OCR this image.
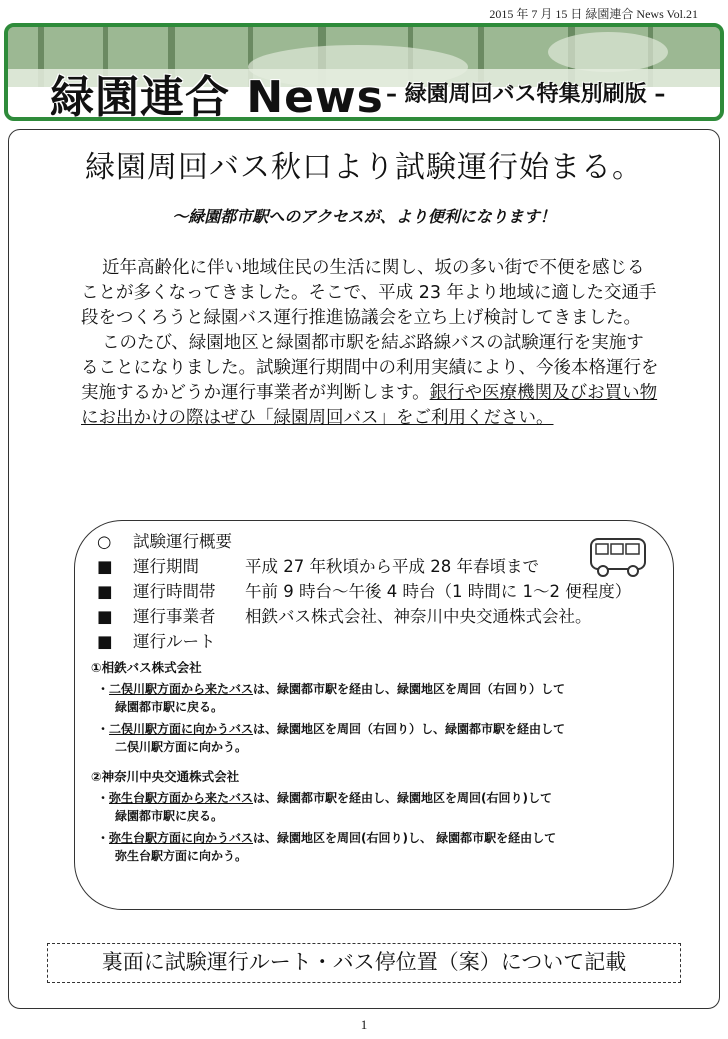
2015 年 7 月 15 日 緑園連合 News Vol.21
緑園連合 News – 緑園周回バス特集別刷版 –
緑園周回バス秋口より試験運行始まる。
～緑園都市駅へのアクセスが、より便利になります！

近年高齢化に伴い地域住民の生活に関し、坂の多い街で不便を感じることが多くなってきました。そこで、平成 23 年より地域に適した交通手段をつくろうと緑園バス運行推進協議会を立ち上げ検討してきました。

このたび、緑園地区と緑園都市駅を結ぶ路線バスの試験運行を実施することになりました。試験運行期間中の利用実績により、今後本格運行を実施するかどうか運行事業者が判断します。銀行や医療機関及びお買い物にお出かけの際はぜひ「緑園周回バス」をご利用ください。

○	試験運行概要
■	運行期間	平成 27 年秋頃から平成 28 年春頃まで
■	運行時間帯	午前 9 時台～午後 4 時台（1 時間に 1～2 便程度）
■	運行事業者	相鉄バス株式会社、神奈川中央交通株式会社。
■	運行ルート
①相鉄バス株式会社
・二俣川駅方面から来たバスは、緑園都市駅を経由し、緑園地区を周回（右回り）して
緑園都市駅に戻る。
・二俣川駅方面に向かうバスは、緑園地区を周回（右回り）し、緑園都市駅を経由して
二俣川駅方面に向かう。
②神奈川中央交通株式会社
・弥生台駅方面から来たバスは、緑園都市駅を経由し、緑園地区を周回(右回り)して
緑園都市駅に戻る。
・弥生台駅方面に向かうバスは、緑園地区を周回(右回り)し、 緑園都市駅を経由して
弥生台駅方面に向かう。
裏面に試験運行ルート・バス停位置（案）について記載
1
